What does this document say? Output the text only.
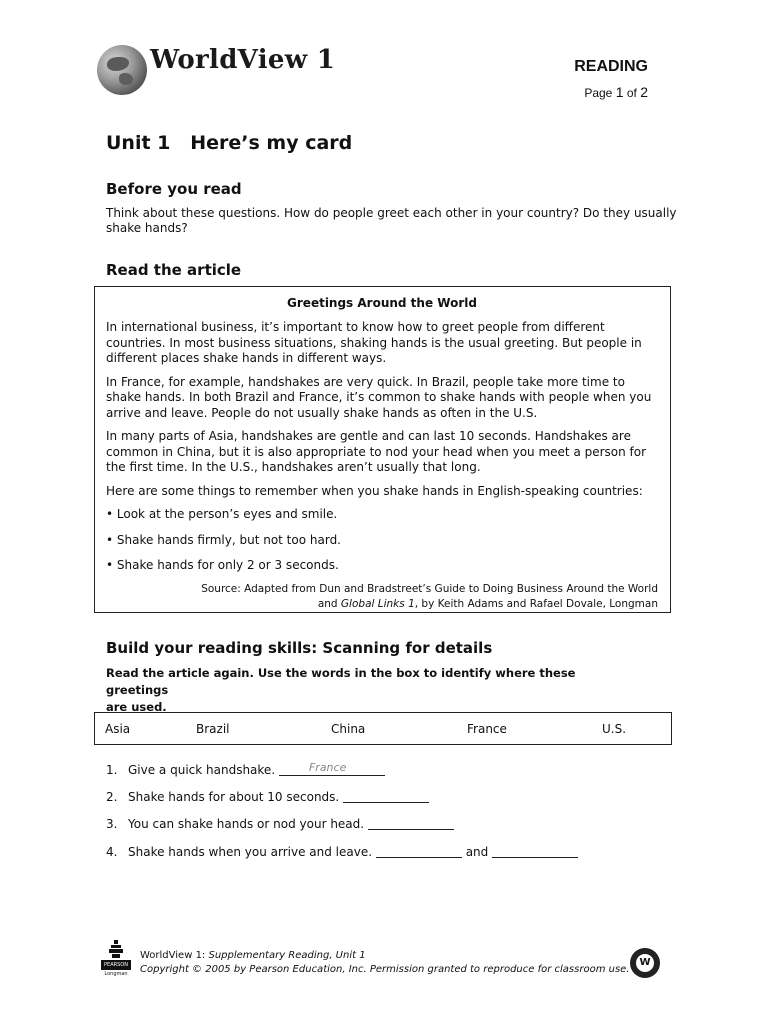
WorldView 1	READING
Page 1 of 2
Unit 1   Here’s my card
Before you read
Think about these questions. How do people greet each other in your country? Do they usually
shake hands?
Read the article
Greetings Around the World

In international business, it’s important to know how to greet people from different countries. In most business situations, shaking hands is the usual greeting. But people in different places shake hands in different ways.

In France, for example, handshakes are very quick. In Brazil, people take more time to shake hands. In both Brazil and France, it’s common to shake hands with people when you arrive and leave. People do not usually shake hands as often in the U.S.

In many parts of Asia, handshakes are gentle and can last 10 seconds. Handshakes are common in China, but it is also appropriate to nod your head when you meet a person for the first time. In the U.S., handshakes aren’t usually that long.

Here are some things to remember when you shake hands in English-speaking countries:

• Look at the person’s eyes and smile.

• Shake hands firmly, but not too hard.

• Shake hands for only 2 or 3 seconds.

Source: Adapted from Dun and Bradstreet’s Guide to Doing Business Around the World
and Global Links 1, by Keith Adams and Rafael Dovale, Longman
Build your reading skills: Scanning for details
Read the article again. Use the words in the box to identify where these greetings
are used.
Asia	Brazil	China	France	U.S.
1. Give a quick handshake.	France
2. Shake hands for about 10 seconds.
3. You can shake hands or nod your head.
4. Shake hands when you arrive and leave.	and
PEARSON
Longman
WorldView 1: Supplementary Reading, Unit 1
Copyright © 2005 by Pearson Education, Inc. Permission granted to reproduce for classroom use.
W
